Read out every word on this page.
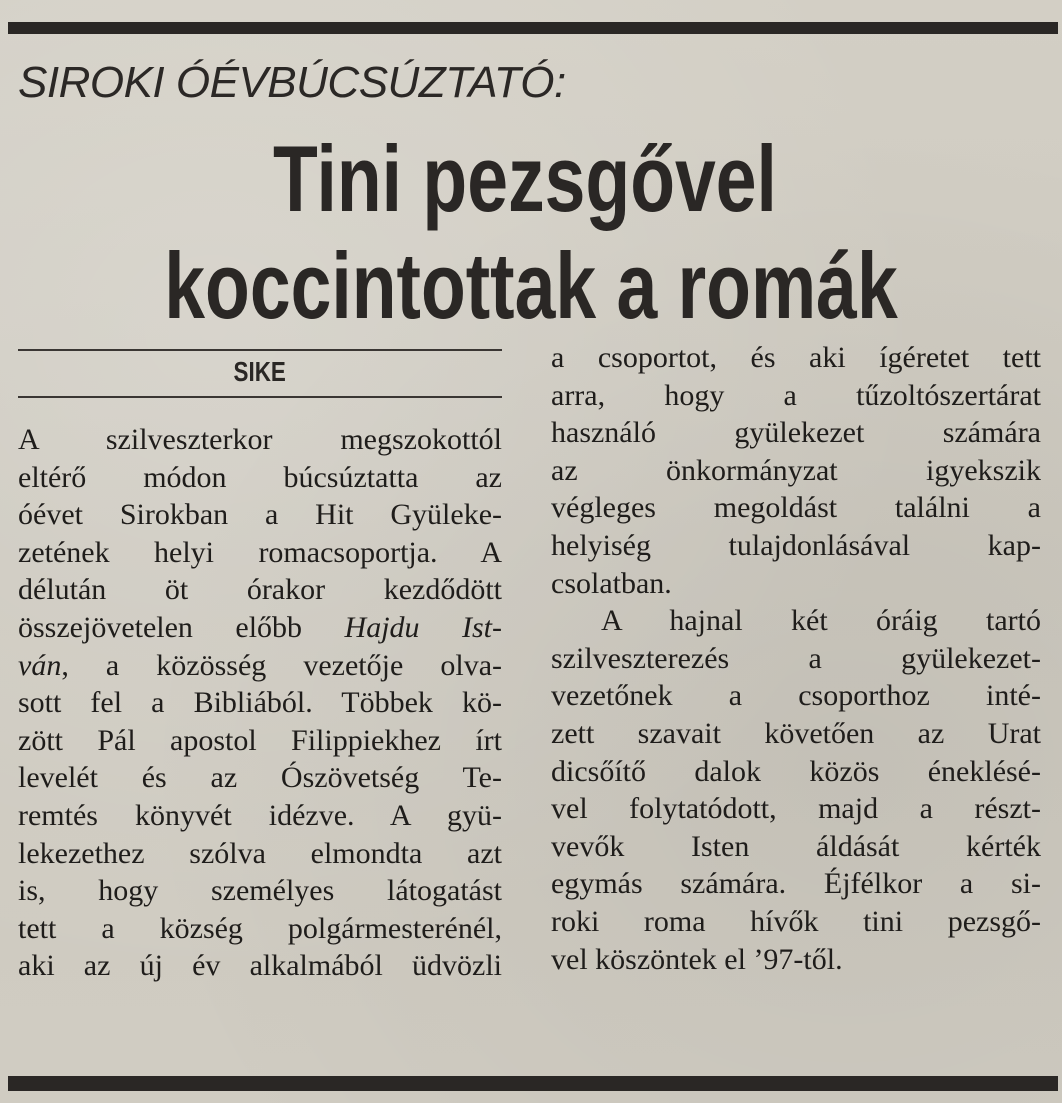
SIROKI ÓÉVBÚCSÚZTATÓ:
Tini pezsgővel
koccintottak a romák
SIKE
A szilveszterkor megszokottól
eltérő módon búcsúztatta az
óévet Sirokban a Hit Gyüleke-
zetének helyi romacsoportja. A
délután öt órakor kezdődött
összejövetelen előbb Hajdu Ist-
ván, a közösség vezetője olva-
sott fel a Bibliából. Többek kö-
zött Pál apostol Filippiekhez írt
levelét és az Ószövetség Te-
remtés könyvét idézve. A gyü-
lekezethez szólva elmondta azt
is, hogy személyes látogatást
tett a község polgármesterénél,
aki az új év alkalmából üdvözli
a csoportot, és aki ígéretet tett
arra, hogy a tűzoltószertárat
használó gyülekezet számára
az önkormányzat igyekszik
végleges megoldást találni a
helyiség tulajdonlásával kap-
csolatban.
A hajnal két óráig tartó
szilveszterezés a gyülekezet-
vezetőnek a csoporthoz inté-
zett szavait követően az Urat
dicsőítő dalok közös éneklésé-
vel folytatódott, majd a részt-
vevők Isten áldását kérték
egymás számára. Éjfélkor a si-
roki roma hívők tini pezsgő-
vel köszöntek el ’97-től.
